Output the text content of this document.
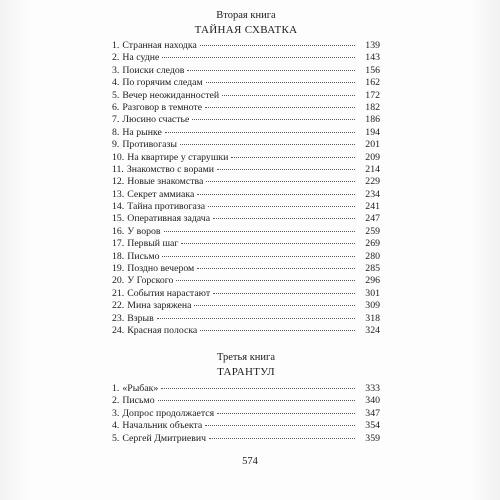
Вторая книга
ТАЙНАЯ СХВАТКА
1. Странная находка	139
2. На судне	143
3. Поиски следов	156
4. По горячим следам	162
5. Вечер неожиданностей	172
6. Разговор в темноте	182
7. Люсино счастье	186
8. На рынке	194
9. Противогазы	201
10. На квартире у старушки	209
11. Знакомство с ворами	214
12. Новые знакомства	229
13. Секрет аммиака	234
14. Тайна противогаза	241
15. Оперативная задача	247
16. У воров	259
17. Первый шаг	269
18. Письмо	280
19. Поздно вечером	285
20. У Горского	296
21. События нарастают	301
22. Мина заряжена	309
23. Взрыв	318
24. Красная полоска	324
Третья книга
ТАРАНТУЛ
1. «Рыбак»	333
2. Письмо	340
3. Допрос продолжается	347
4. Начальник объекта	354
5. Сергей Дмитриевич	359
574
